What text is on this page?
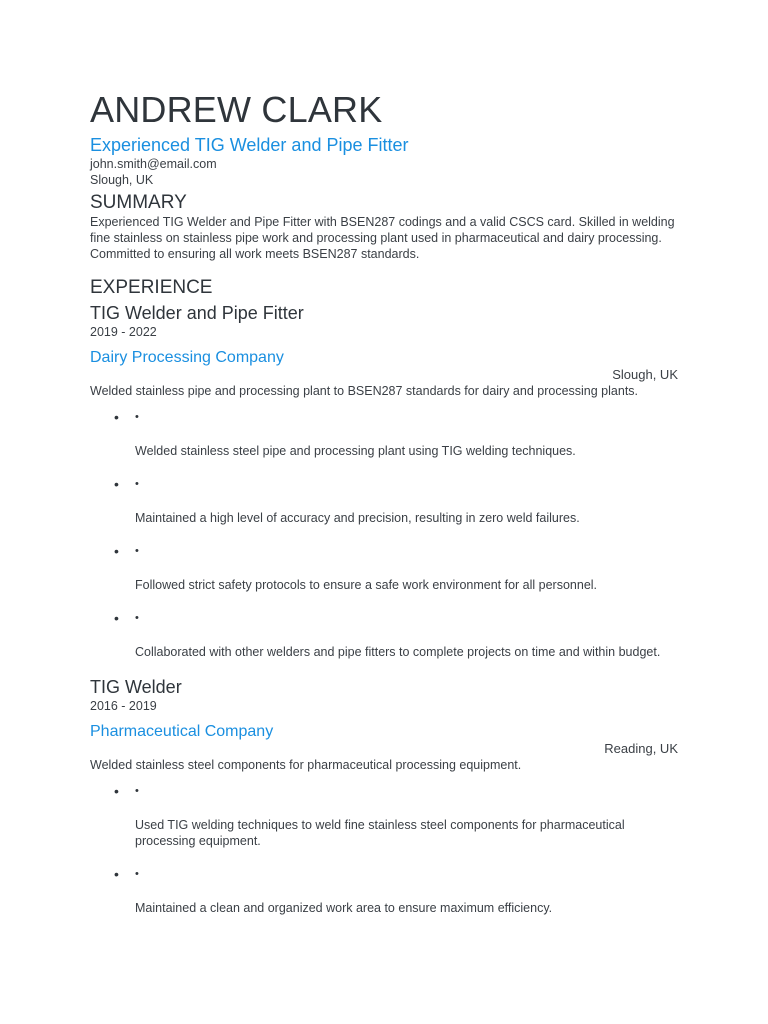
ANDREW CLARK
Experienced TIG Welder and Pipe Fitter
john.smith@email.com
Slough, UK
SUMMARY
Experienced TIG Welder and Pipe Fitter with BSEN287 codings and a valid CSCS card. Skilled in welding fine stainless on stainless pipe work and processing plant used in pharmaceutical and dairy processing. Committed to ensuring all work meets BSEN287 standards.
EXPERIENCE
TIG Welder and Pipe Fitter
2019 - 2022
Dairy Processing Company
Slough, UK
Welded stainless pipe and processing plant to BSEN287 standards for dairy and processing plants.
• •
Welded stainless steel pipe and processing plant using TIG welding techniques.
• •
Maintained a high level of accuracy and precision, resulting in zero weld failures.
• •
Followed strict safety protocols to ensure a safe work environment for all personnel.
• •
Collaborated with other welders and pipe fitters to complete projects on time and within budget.
TIG Welder
2016 - 2019
Pharmaceutical Company
Reading, UK
Welded stainless steel components for pharmaceutical processing equipment.
• •
Used TIG welding techniques to weld fine stainless steel components for pharmaceutical processing equipment.
• •
Maintained a clean and organized work area to ensure maximum efficiency.
